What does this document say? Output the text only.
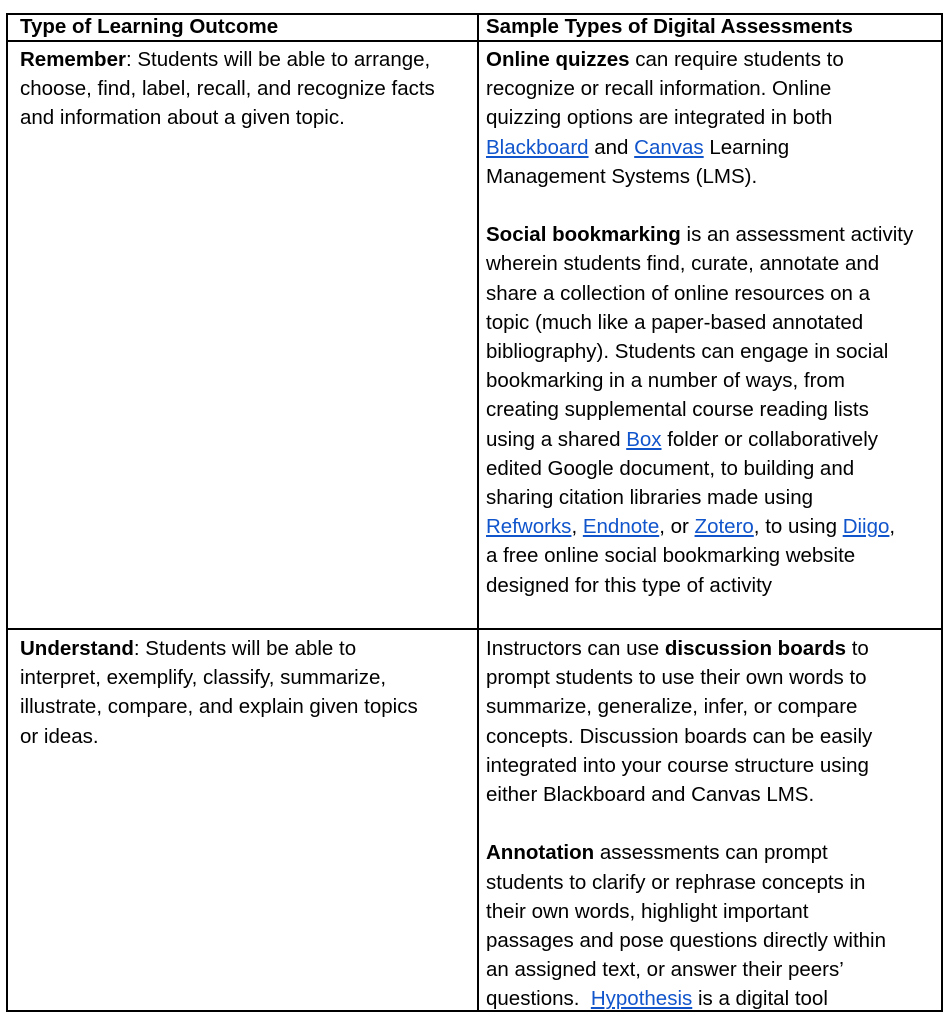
Type of Learning Outcome	Sample Types of Digital Assessments
Remember: Students will be able to arrange,
choose, find, label, recall, and recognize facts
and information about a given topic.
Online quizzes can require students to
recognize or recall information. Online
quizzing options are integrated in both
Blackboard and Canvas Learning
Management Systems (LMS).

Social bookmarking is an assessment activity
wherein students find, curate, annotate and
share a collection of online resources on a
topic (much like a paper-based annotated
bibliography). Students can engage in social
bookmarking in a number of ways, from
creating supplemental course reading lists
using a shared Box folder or collaboratively
edited Google document, to building and
sharing citation libraries made using
Refworks, Endnote, or Zotero, to using Diigo,
a free online social bookmarking website
designed for this type of activity
Understand: Students will be able to
interpret, exemplify, classify, summarize,
illustrate, compare, and explain given topics
or ideas.
Instructors can use discussion boards to
prompt students to use their own words to
summarize, generalize, infer, or compare
concepts. Discussion boards can be easily
integrated into your course structure using
either Blackboard and Canvas LMS.

Annotation assessments can prompt
students to clarify or rephrase concepts in
their own words, highlight important
passages and pose questions directly within
an assigned text, or answer their peers’
questions.  Hypothesis is a digital tool
